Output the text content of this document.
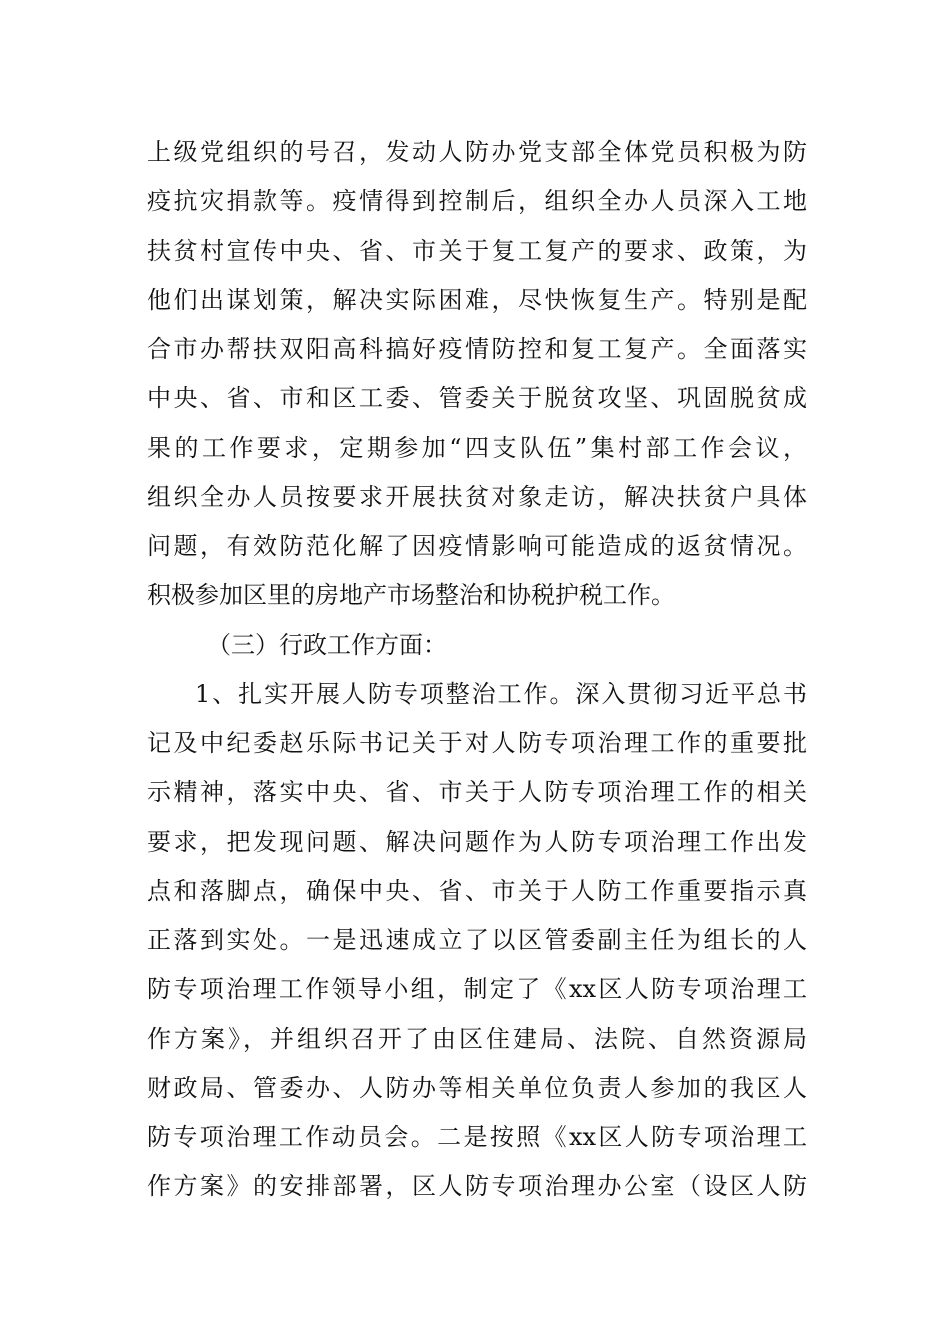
上级党组织的号召，发动人防办党支部全体党员积极为防
疫抗灾捐款等。疫情得到控制后，组织全办人员深入工地
扶贫村宣传中央、省、市关于复工复产的要求、政策，为
他们出谋划策，解决实际困难，尽快恢复生产。特别是配
合市办帮扶双阳高科搞好疫情防控和复工复产。全面落实
中央、省、市和区工委、管委关于脱贫攻坚、巩固脱贫成
果的工作要求，定期参加“四支队伍”集村部工作会议，
组织全办人员按要求开展扶贫对象走访，解决扶贫户具体
问题，有效防范化解了因疫情影响可能造成的返贫情况。
积极参加区里的房地产市场整治和协税护税工作。
（三）行政工作方面：
1、扎实开展人防专项整治工作。深入贯彻习近平总书
记及中纪委赵乐际书记关于对人防专项治理工作的重要批
示精神，落实中央、省、市关于人防专项治理工作的相关
要求，把发现问题、解决问题作为人防专项治理工作出发
点和落脚点，确保中央、省、市关于人防工作重要指示真
正落到实处。一是迅速成立了以区管委副主任为组长的人
防专项治理工作领导小组，制定了《xx区人防专项治理工
作方案》，并组织召开了由区住建局、法院、自然资源局
财政局、管委办、人防办等相关单位负责人参加的我区人
防专项治理工作动员会。二是按照《xx区人防专项治理工
作方案》的安排部署，区人防专项治理办公室（设区人防
